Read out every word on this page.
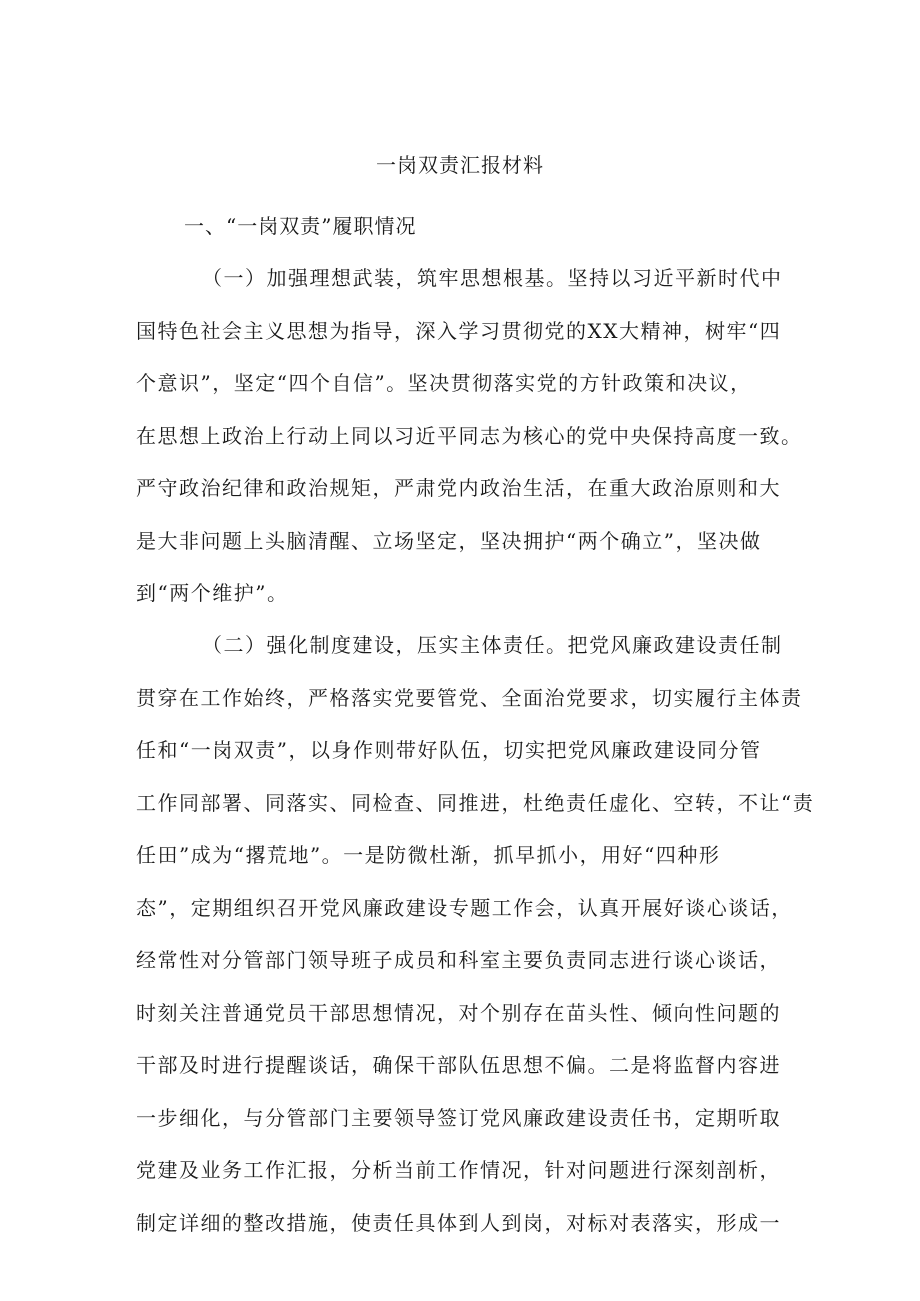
一岗双责汇报材料
一、“一岗双责”履职情况
（一）加强理想武装，筑牢思想根基。坚持以习近平新时代中
国特色社会主义思想为指导，深入学习贯彻党的XX大精神，树牢“四
个意识”，坚定“四个自信”。坚决贯彻落实党的方针政策和决议，
在思想上政治上行动上同以习近平同志为核心的党中央保持高度一致。
严守政治纪律和政治规矩，严肃党内政治生活，在重大政治原则和大
是大非问题上头脑清醒、立场坚定，坚决拥护“两个确立”，坚决做
到“两个维护”。
（二）强化制度建设，压实主体责任。把党风廉政建设责任制
贯穿在工作始终，严格落实党要管党、全面治党要求，切实履行主体责
任和“一岗双责”，以身作则带好队伍，切实把党风廉政建设同分管
工作同部署、同落实、同检查、同推进，杜绝责任虚化、空转，不让“责
任田”成为“撂荒地”。一是防微杜渐，抓早抓小，用好“四种形
态”，定期组织召开党风廉政建设专题工作会，认真开展好谈心谈话，
经常性对分管部门领导班子成员和科室主要负责同志进行谈心谈话，
时刻关注普通党员干部思想情况，对个别存在苗头性、倾向性问题的
干部及时进行提醒谈话，确保干部队伍思想不偏。二是将监督内容进
一步细化，与分管部门主要领导签订党风廉政建设责任书，定期听取
党建及业务工作汇报，分析当前工作情况，针对问题进行深刻剖析，
制定详细的整改措施，使责任具体到人到岗，对标对表落实，形成一
